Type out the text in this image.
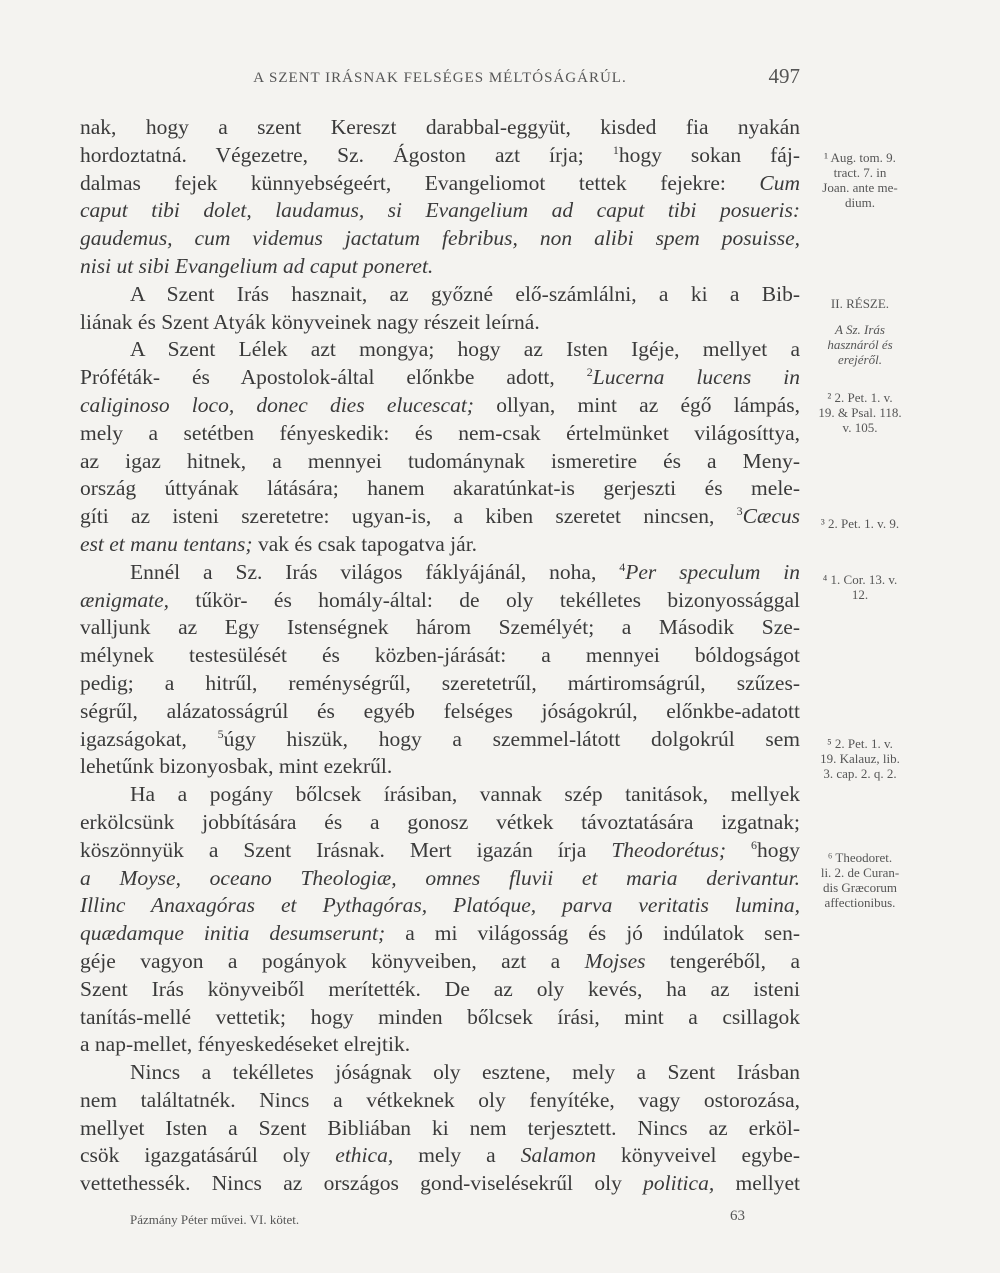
A SZENT IRÁSNAK FELSÉGES MÉLTÓSÁGÁRÚL.	497
nak, hogy a szent Kereszt darabbal-eggyüt, kisded fia nyakán
hordoztatná. Végezetre, Sz. Ágoston azt írja; $^1$hogy sokan fáj-
dalmas fejek künnyebségeért, Evangeliomot tettek fejekre: Cum
caput tibi dolet, laudamus, si Evangelium ad caput tibi posueris:
gaudemus, cum videmus jactatum febribus, non alibi spem posuisse,
nisi ut sibi Evangelium ad caput poneret.
A Szent Irás hasznait, az győzné elő-számlálni, a ki a Bib-
liának és Szent Atyák könyveinek nagy részeit leírná.
A Szent Lélek azt mongya; hogy az Isten Igéje, mellyet a
Próféták- és Apostolok-által előnkbe adott, $^2$Lucerna lucens in
caliginoso loco, donec dies elucescat; ollyan, mint az égő lámpás,
mely a setétben fényeskedik: és nem-csak értelmünket világosíttya,
az igaz hitnek, a mennyei tudománynak ismeretire és a Meny-
ország úttyának látására; hanem akaratúnkat-is gerjeszti és mele-
gíti az isteni szeretetre: ugyan-is, a kiben szeretet nincsen, $^3$Cæcus
est et manu tentans; vak és csak tapogatva jár.
Ennél a Sz. Irás világos fáklyájánál, noha, $^4$Per speculum in
ænigmate, tűkör- és homály-által: de oly tekélletes bizonyossággal
valljunk az Egy Istenségnek három Személyét; a Második Sze-
mélynek testesülését és közben-járását: a mennyei bóldogságot
pedig; a hitrűl, reménységrűl, szeretetrűl, mártiromságrúl, szűzes-
ségrűl, alázatosságrúl és egyéb felséges jóságokrúl, előnkbe-adatott
igazságokat, $^5$úgy hiszük, hogy a szemmel-látott dolgokrúl sem
lehetűnk bizonyosbak, mint ezekrűl.
Ha a pogány bőlcsek írásiban, vannak szép tanitások, mellyek
erkölcsünk jobbítására és a gonosz vétkek távoztatására izgatnak;
köszönnyük a Szent Irásnak. Mert igazán írja Theodorétus; $^6$hogy
a Moyse, oceano Theologiæ, omnes fluvii et maria derivantur.
Illinc Anaxagóras et Pythagóras, Platóque, parva veritatis lumina,
quædamque initia desumserunt; a mi világosság és jó indúlatok sen-
géje vagyon a pogányok könyveiben, azt a Mojses tengeréből, a
Szent Irás könyveiből merítették. De az oly kevés, ha az isteni
tanítás-mellé vettetik; hogy minden bőlcsek írási, mint a csillagok
a nap-mellet, fényeskedéseket elrejtik.
Nincs a tekélletes jóságnak oly esztene, mely a Szent Irásban
nem találtatnék. Nincs a vétkeknek oly fenyítéke, vagy ostorozása,
mellyet Isten a Szent Bibliában ki nem terjesztett. Nincs az erköl-
csök igazgatásárúl oly ethica, mely a Salamon könyveivel egybe-
vettethessék. Nincs az országos gond-viselésekrűl oly politica, mellyet
¹ Aug. tom. 9.
tract. 7. in
Joan. ante me-
dium.
II. RÉSZE.
A Sz. Irás
hasznáról és
erejéről.
² 2. Pet. 1. v.
19. & Psal. 118.
v. 105.
³ 2. Pet. 1. v. 9.
⁴ 1. Cor. 13. v.
12.
⁵ 2. Pet. 1. v.
19. Kalauz, lib.
3. cap. 2. q. 2.
⁶ Theodoret.
li. 2. de Curan-
dis Græcorum
affectionibus.
Pázmány Péter művei. VI. kötet.	63
